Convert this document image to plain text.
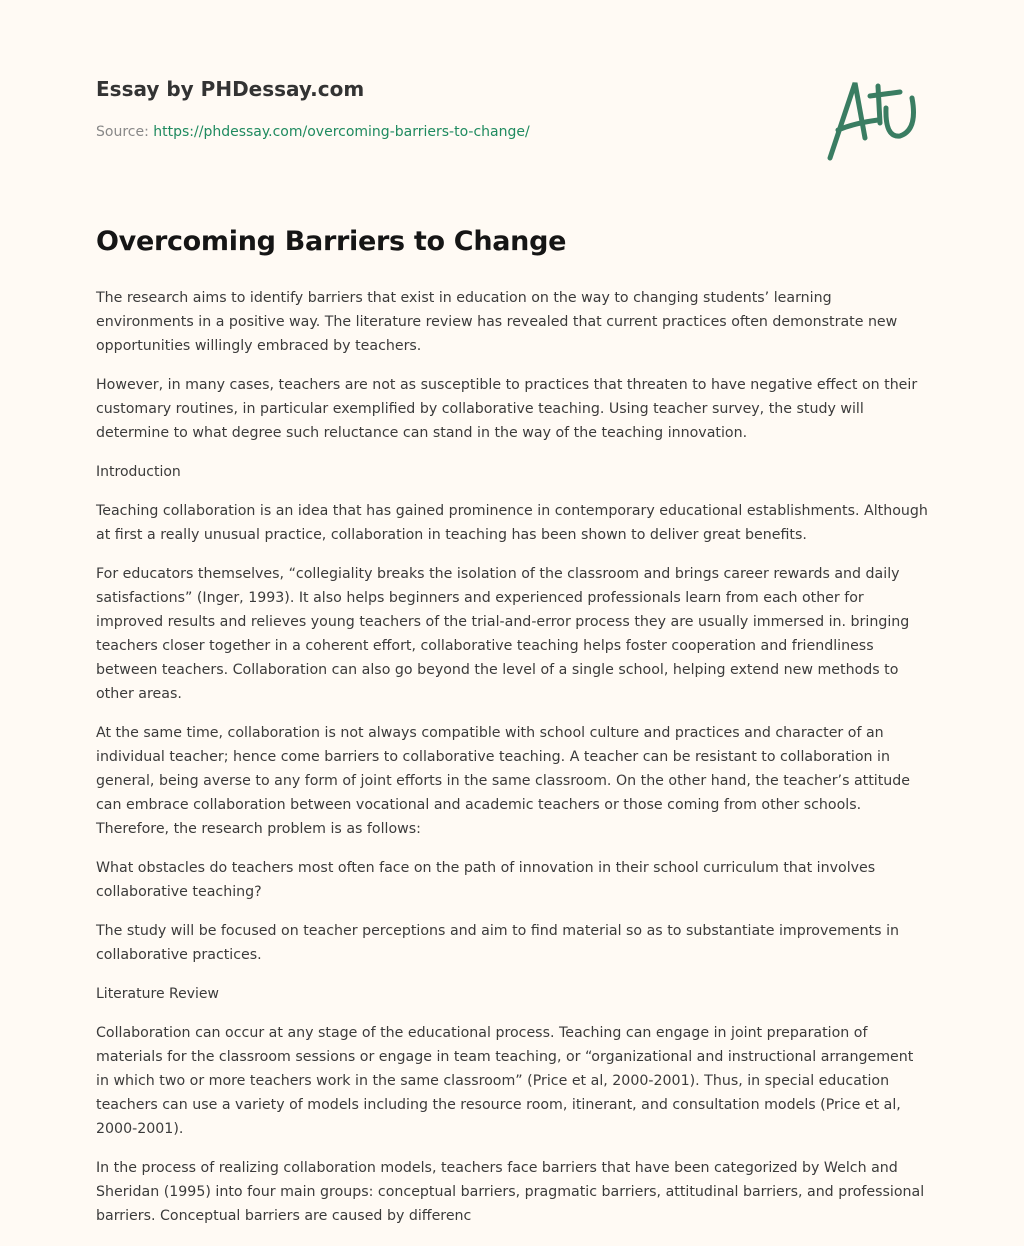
Essay by PHDessay.com
Source: https://phdessay.com/overcoming-barriers-to-change/
Overcoming Barriers to Change

The research aims to identify barriers that exist in education on the way to changing students’ learning environments in a positive way. The literature review has revealed that current practices often demonstrate new opportunities willingly embraced by teachers.

However, in many cases, teachers are not as susceptible to practices that threaten to have negative effect on their customary routines, in particular exemplified by collaborative teaching. Using teacher survey, the study will determine to what degree such reluctance can stand in the way of the teaching innovation.

Introduction

Teaching collaboration is an idea that has gained prominence in contemporary educational establishments. Although at first a really unusual practice, collaboration in teaching has been shown to deliver great benefits.

For educators themselves, “collegiality breaks the isolation of the classroom and brings career rewards and daily satisfactions” (Inger, 1993). It also helps beginners and experienced professionals learn from each other for improved results and relieves young teachers of the trial-and-error process they are usually immersed in. bringing teachers closer together in a coherent effort, collaborative teaching helps foster cooperation and friendliness between teachers. Collaboration can also go beyond the level of a single school, helping extend new methods to other areas.

At the same time, collaboration is not always compatible with school culture and practices and character of an individual teacher; hence come barriers to collaborative teaching. A teacher can be resistant to collaboration in general, being averse to any form of joint efforts in the same classroom. On the other hand, the teacher’s attitude can embrace collaboration between vocational and academic teachers or those coming from other schools. Therefore, the research problem is as follows:

What obstacles do teachers most often face on the path of innovation in their school curriculum that involves collaborative teaching?

The study will be focused on teacher perceptions and aim to find material so as to substantiate improvements in collaborative practices.

Literature Review

Collaboration can occur at any stage of the educational process. Teaching can engage in joint preparation of materials for the classroom sessions or engage in team teaching, or “organizational and instructional arrangement in which two or more teachers work in the same classroom” (Price et al, 2000-2001). Thus, in special education teachers can use a variety of models including the resource room, itinerant, and consultation models (Price et al, 2000-2001).

In the process of realizing collaboration models, teachers face barriers that have been categorized by Welch and Sheridan (1995) into four main groups: conceptual barriers, pragmatic barriers, attitudinal barriers, and professional barriers. Conceptual barriers are caused by differenc
